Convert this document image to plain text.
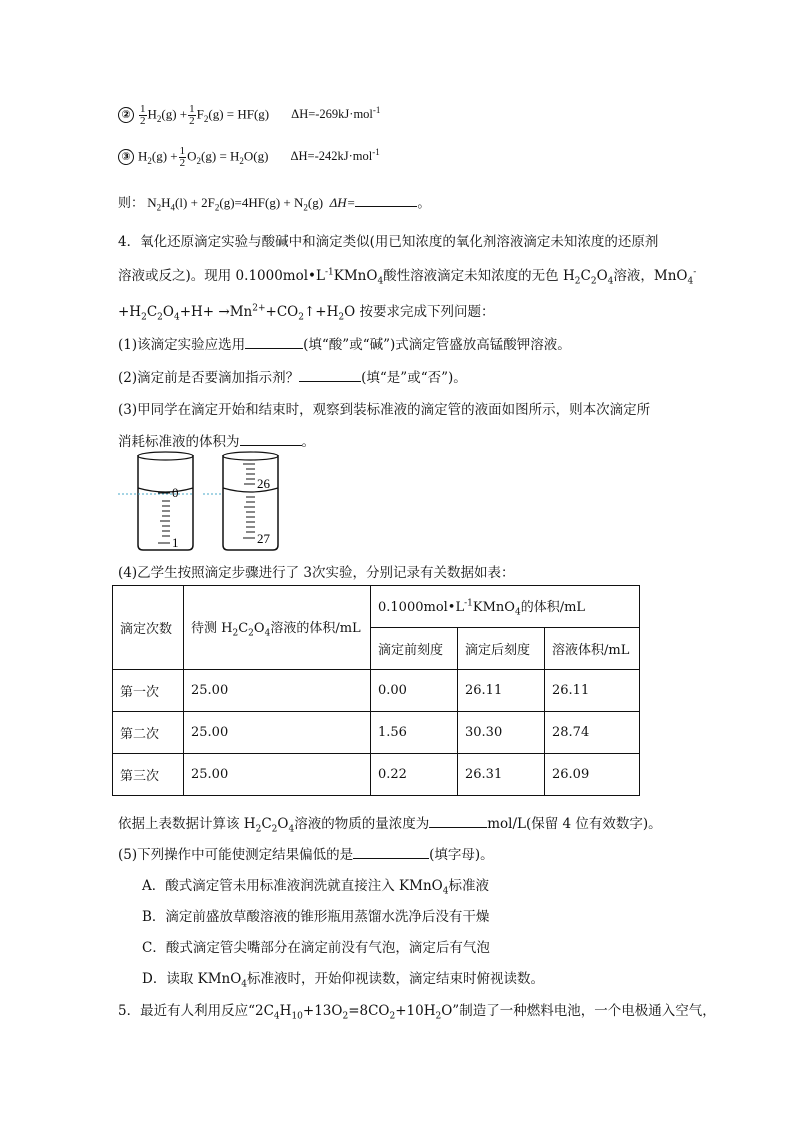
② $\frac{1}{2} H_2(g) + \frac{1}{2} F_2(g) = HF(g)$ ΔH=-269kJ·mol$^{-1}$
③ $H_2(g) + \frac{1}{2} O_2(g) = H_2O(g)$ ΔH=-242kJ·mol$^{-1}$
则： $N_2H_4(l) + 2F_2(g)=4HF(g) + N_2(g)$ ΔH=	。
4．氧化还原滴定实验与酸碱中和滴定类似(用已知浓度的氧化剂溶液滴定未知浓度的还原剂
溶液或反之)。现用 $0.1000mol•L^{-1}KMnO_4$酸性溶液滴定未知浓度的无色 $H_2C_2O_4$溶液，MnO$_4$-
$+H_2C_2O_4+H+$ $\to Mn^{2+}+CO_2↑+H_2O$ 按要求完成下列问题：
(1)该滴定实验应选用	(填“酸”或“碱”)式滴定管盛放高锰酸钾溶液。
(2)滴定前是否要滴加指示剂？	(填“是”或“否”)。
(3)甲同学在滴定开始和结束时，观察到装标准液的滴定管的液面如图所示，则本次滴定所
消耗标准液的体积为	。
0
1
26
27
(4)乙学生按照滴定步骤进行了 3次实验，分别记录有关数据如表：
滴定次数	待测 $H_2C_2O_4$溶液的体积/mL	$0.1000mol•L^{-1}KMnO_4$的体积/mL		
		滴定前刻度	滴定后刻度	溶液体积/mL
第一次	25.00	0.00	26.11	26.11
第二次	25.00	1.56	30.30	28.74
第三次	25.00	0.22	26.31	26.09
依据上表数据计算该 $H_2C_2O_4$溶液的物质的量浓度为	mol/L(保留 4 位有效数字)。
(5)下列操作中可能使测定结果偏低的是	(填字母)。
A．酸式滴定管未用标准液润洗就直接注入 KMnO$_4$标准液
B．滴定前盛放草酸溶液的锥形瓶用蒸馏水洗净后没有干燥
C．酸式滴定管尖嘴部分在滴定前没有气泡，滴定后有气泡
D．读取 KMnO$_4$标准液时，开始仰视读数，滴定结束时俯视读数。
5．最近有人利用反应“$2C_4H_{10}+13O_2=8CO_2+10H_2O$”制造了一种燃料电池，一个电极通入空气，
